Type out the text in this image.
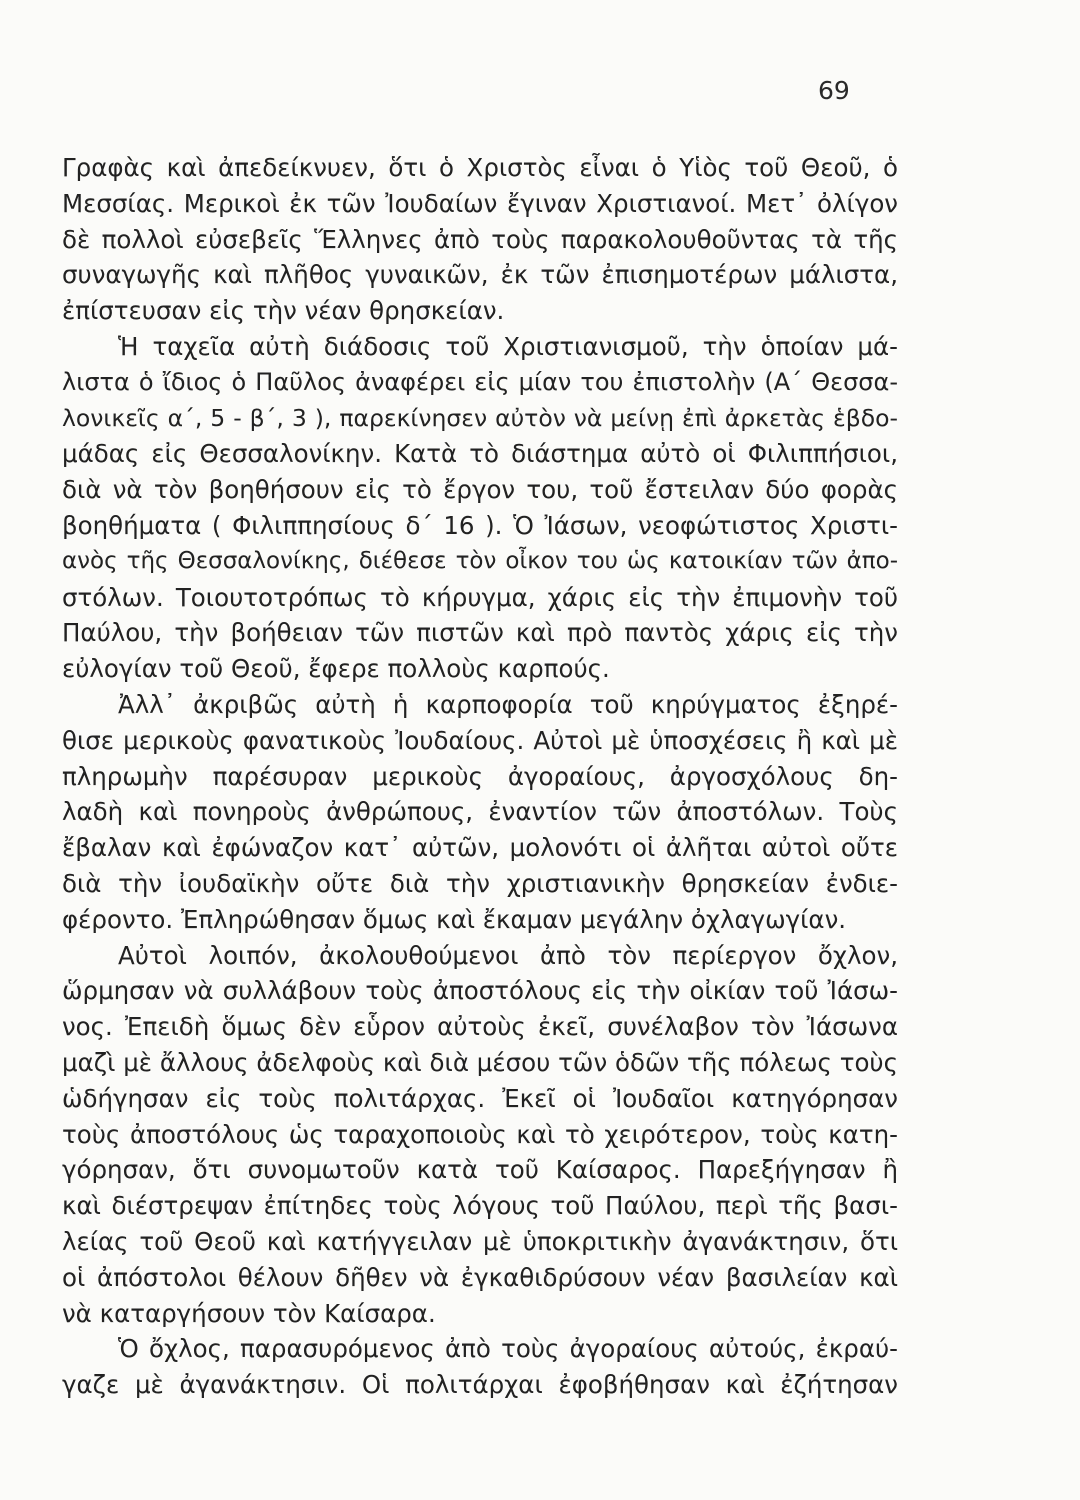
69
Γραφὰς καὶ ἀπεδείκνυεν, ὅτι ὁ Χριστὸς εἶναι ὁ Υἱὸς τοῦ Θεοῦ, ὁ
Μεσσίας. Μερικοὶ ἐκ τῶν Ἰουδαίων ἔγιναν Χριστιανοί. Μετ᾽ ὀλίγον
δὲ πολλοὶ εὐσεβεῖς Ἕλληνες ἀπὸ τοὺς παρακολουθοῦντας τὰ τῆς
συναγωγῆς καὶ πλῆθος γυναικῶν, ἐκ τῶν ἐπισημοτέρων μάλιστα,
ἐπίστευσαν εἰς τὴν νέαν θρησκείαν.
Ἡ ταχεῖα αὐτὴ διάδοσις τοῦ Χριστιανισμοῦ, τὴν ὁποίαν μά-
λιστα ὁ ἴδιος ὁ Παῦλος ἀναφέρει εἰς μίαν του ἐπιστολὴν (Α΄ Θεσσα-
λονικεῖς α΄, 5 - β΄, 3 ), παρεκίνησεν αὐτὸν νὰ μείνῃ ἐπὶ ἀρκετὰς ἑβδο-
μάδας εἰς Θεσσαλονίκην. Κατὰ τὸ διάστημα αὐτὸ οἱ Φιλιππήσιοι,
διὰ νὰ τὸν βοηθήσουν εἰς τὸ ἔργον του, τοῦ ἔστειλαν δύο φορὰς
βοηθήματα ( Φιλιππησίους δ΄ 16 ). Ὁ Ἰάσων, νεοφώτιστος Χριστι-
ανὸς τῆς Θεσσαλονίκης, διέθεσε τὸν οἶκον του ὡς κατοικίαν τῶν ἀπο-
στόλων. Τοιουτοτρόπως τὸ κήρυγμα, χάρις εἰς τὴν ἐπιμονὴν τοῦ
Παύλου, τὴν βοήθειαν τῶν πιστῶν καὶ πρὸ παντὸς χάρις εἰς τὴν
εὐλογίαν τοῦ Θεοῦ, ἔφερε πολλοὺς καρπούς.
Ἀλλ᾽ ἀκριβῶς αὐτὴ ἡ καρποφορία τοῦ κηρύγματος ἐξηρέ-
θισε μερικοὺς φανατικοὺς Ἰουδαίους. Αὐτοὶ μὲ ὑποσχέσεις ἢ καὶ μὲ
πληρωμὴν παρέσυραν μερικοὺς ἀγοραίους, ἀργοσχόλους δη-
λαδὴ καὶ πονηροὺς ἀνθρώπους, ἐναντίον τῶν ἀποστόλων. Τοὺς
ἔβαλαν καὶ ἐφώναζον κατ᾽ αὐτῶν, μολονότι οἱ ἀλῆται αὐτοὶ οὔτε
διὰ τὴν ἰουδαϊκὴν οὔτε διὰ τὴν χριστιανικὴν θρησκείαν ἐνδιε-
φέροντο. Ἐπληρώθησαν ὅμως καὶ ἔκαμαν μεγάλην ὀχλαγωγίαν.
Αὐτοὶ λοιπόν, ἀκολουθούμενοι ἀπὸ τὸν περίεργον ὄχλον,
ὥρμησαν νὰ συλλάβουν τοὺς ἀποστόλους εἰς τὴν οἰκίαν τοῦ Ἰάσω-
νος. Ἐπειδὴ ὅμως δὲν εὗρον αὐτοὺς ἐκεῖ, συνέλαβον τὸν Ἰάσωνα
μαζὶ μὲ ἄλλους ἀδελφοὺς καὶ διὰ μέσου τῶν ὁδῶν τῆς πόλεως τοὺς
ὡδήγησαν εἰς τοὺς πολιτάρχας. Ἐκεῖ οἱ Ἰουδαῖοι κατηγόρησαν
τοὺς ἀποστόλους ὡς ταραχοποιοὺς καὶ τὸ χειρότερον, τοὺς κατη-
γόρησαν, ὅτι συνομωτοῦν κατὰ τοῦ Καίσαρος. Παρεξήγησαν ἢ
καὶ διέστρεψαν ἐπίτηδες τοὺς λόγους τοῦ Παύλου, περὶ τῆς βασι-
λείας τοῦ Θεοῦ καὶ κατήγγειλαν μὲ ὑποκριτικὴν ἀγανάκτησιν, ὅτι
οἱ ἀπόστολοι θέλουν δῆθεν νὰ ἐγκαθιδρύσουν νέαν βασιλείαν καὶ
νὰ καταργήσουν τὸν Καίσαρα.
Ὁ ὄχλος, παρασυρόμενος ἀπὸ τοὺς ἀγοραίους αὐτούς, ἐκραύ-
γαζε μὲ ἀγανάκτησιν. Οἱ πολιτάρχαι ἐφοβήθησαν καὶ ἐζήτησαν
